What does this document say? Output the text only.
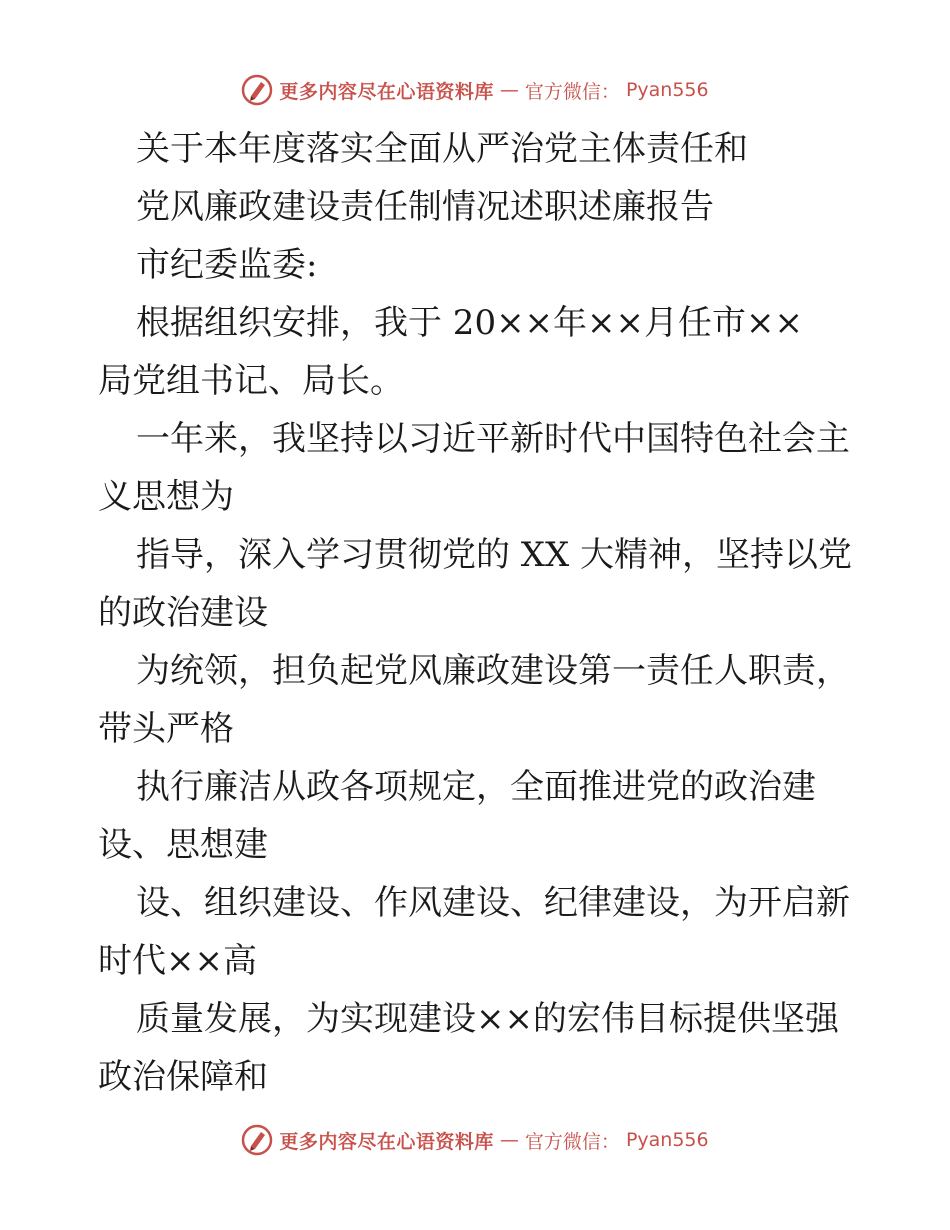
更多内容尽在心语资料库 — 官方微信： Pyan556
关于本年度落实全面从严治党主体责任和
党风廉政建设责任制情况述职述廉报告
市纪委监委:
根据组织安排，我于 20××年××月任市××
局党组书记、局长。
一年来，我坚持以习近平新时代中国特色社会主
义思想为
指导，深入学习贯彻党的 XX 大精神，坚持以党
的政治建设
为统领，担负起党风廉政建设第一责任人职责，
带头严格
执行廉洁从政各项规定，全面推进党的政治建
设、思想建
设、组织建设、作风建设、纪律建设，为开启新
时代××高
质量发展，为实现建设××的宏伟目标提供坚强
政治保障和
更多内容尽在心语资料库 — 官方微信： Pyan556
